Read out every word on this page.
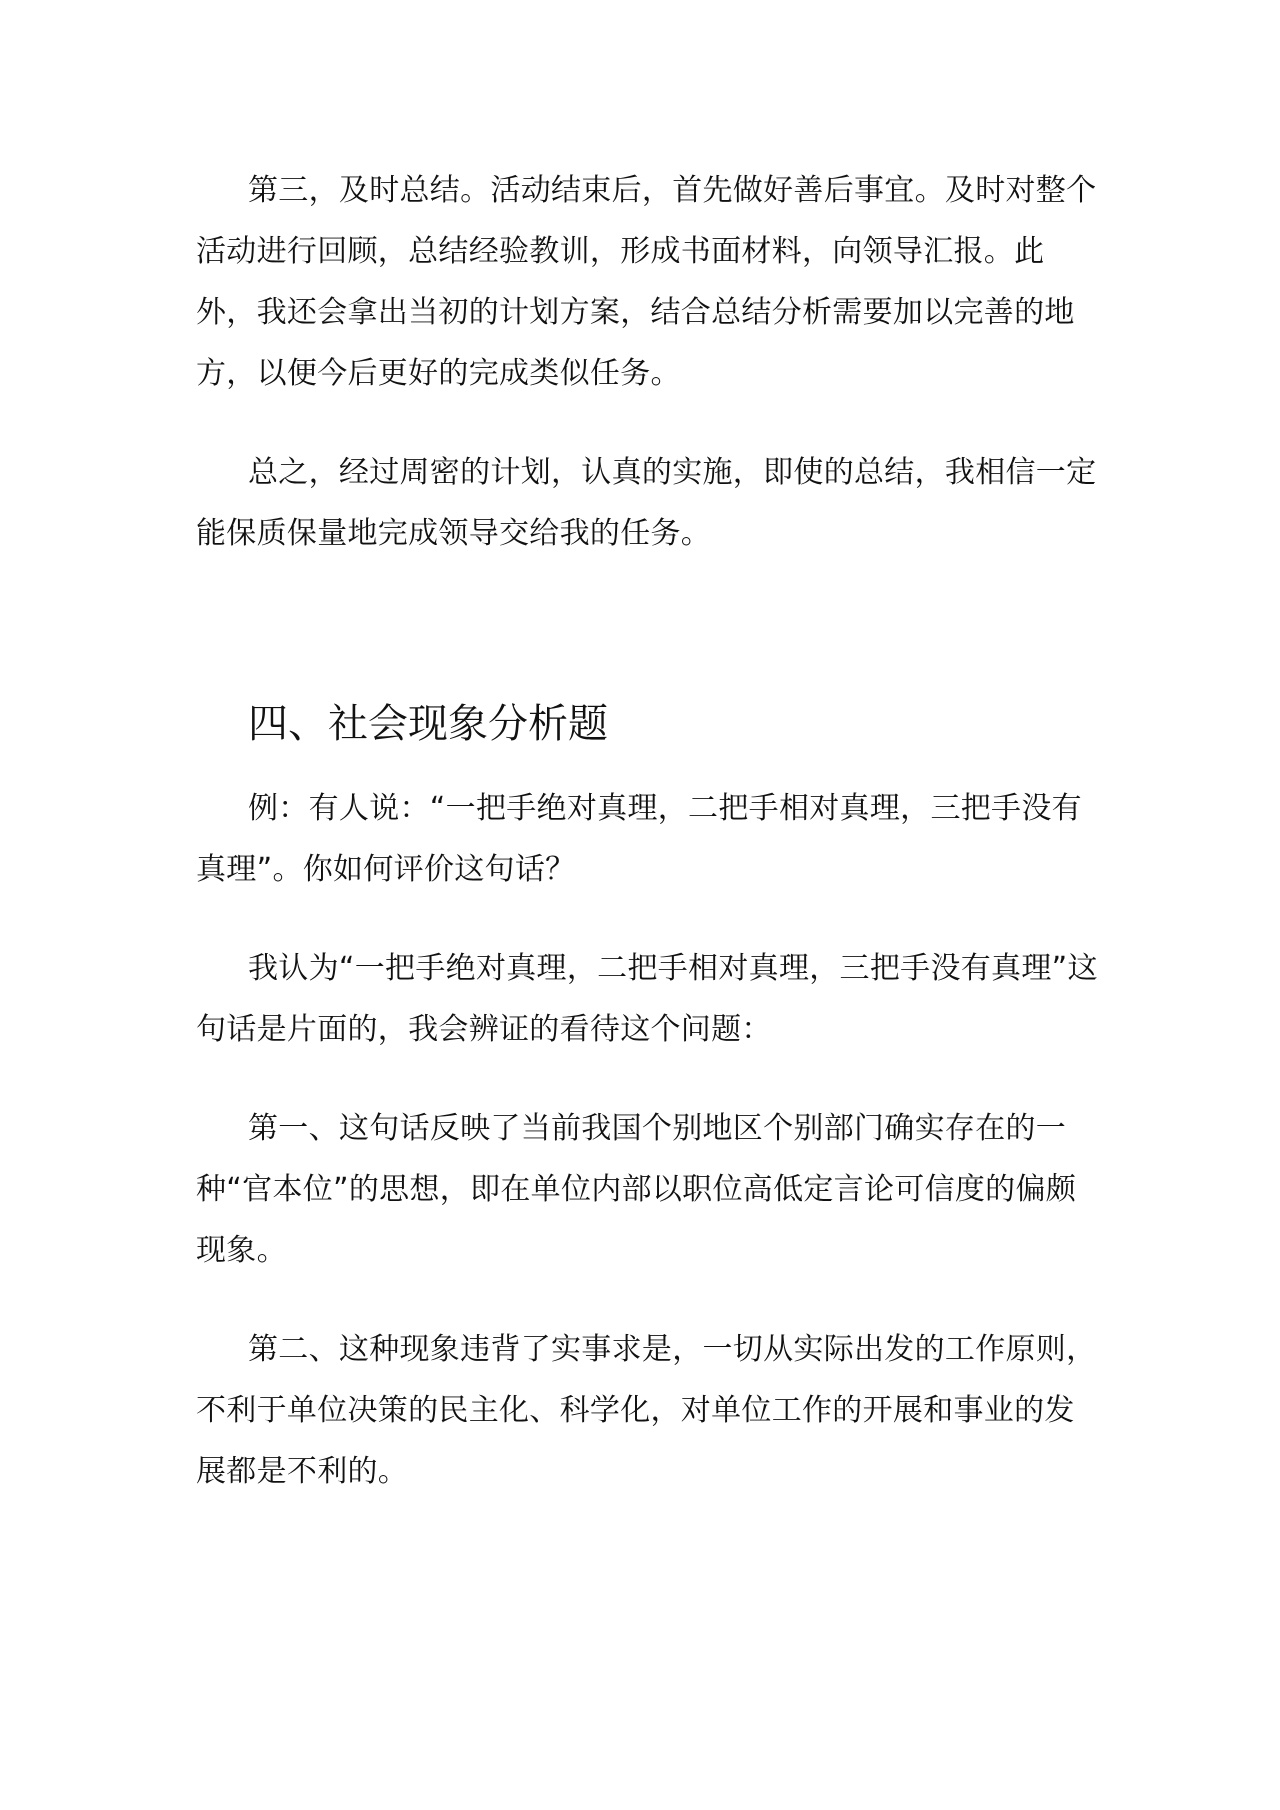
第三，及时总结。活动结束后，首先做好善后事宜。及时对整个活动进行回顾，总结经验教训，形成书面材料，向领导汇报。此外，我还会拿出当初的计划方案，结合总结分析需要加以完善的地方，以便今后更好的完成类似任务。

总之，经过周密的计划，认真的实施，即使的总结，我相信一定能保质保量地完成领导交给我的任务。

四、社会现象分析题

例：有人说：“一把手绝对真理，二把手相对真理，三把手没有真理”。你如何评价这句话？

我认为“一把手绝对真理，二把手相对真理，三把手没有真理”这句话是片面的，我会辨证的看待这个问题：

第一、这句话反映了当前我国个别地区个别部门确实存在的一种“官本位”的思想，即在单位内部以职位高低定言论可信度的偏颇现象。

第二、这种现象违背了实事求是，一切从实际出发的工作原则，不利于单位决策的民主化、科学化，对单位工作的开展和事业的发展都是不利的。
